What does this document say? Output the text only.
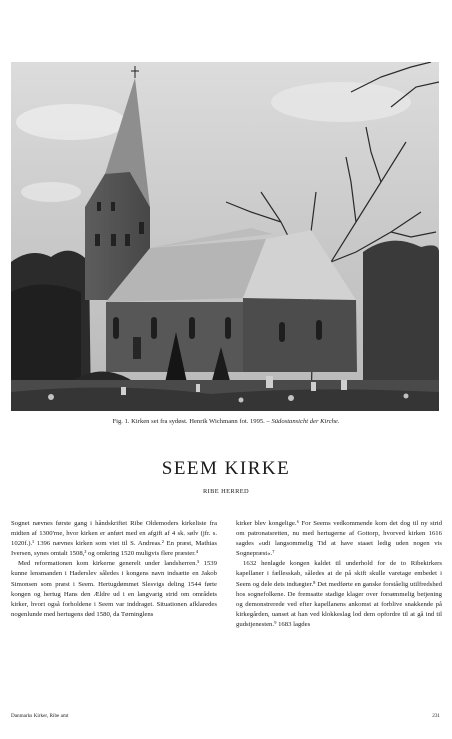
Fig. 1. Kirken set fra sydøst. Henrik Wichmann fot. 1995. – Südostansicht der Kirche.
SEEM KIRKE
RIBE HERRED

Sognet nævnes første gang i håndskriftet Ribe Oldemoders kirkeliste fra midten af 1300'rne, hvor kirken er anført med en afgift af 4 sk. sølv (jfr. s. 1020f.).¹ 1396 nævnes kirken som viet til S. Andreas.² En præst, Mathias Iversen, synes omtalt 1508,³ og omkring 1520 muligvis flere præster.⁴

Med reformationen kom kirkerne generelt under landsherren.⁵ 1539 kunne lensmanden i Haderslev således i kongens navn indsætte en Jakob Simonsen som præst i Seem. Hertugdømmet Slesvigs deling 1544 førte kongen og hertug Hans den Ældre ud i en langvarig strid om områdets kirker, hvori også forholdene i Seem var inddraget. Situationen afklaredes nogenlunde med hertugens død 1580, da Tørninglens

kirker blev kongelige.⁶ For Seems vedkommende kom det dog til ny strid om patronatsretten, nu med hertugerne af Gottorp, hvorved kirken 1616 sagdes »udi langsommelig Tid at have staaet ledig uden nogen vis Sognepræst«.⁷

1632 henlagde kongen kaldet til underhold for de to Ribekirkers kapellaner i fællesskab, således at de på skift skulle varetage embedet i Seem og dele dets indtægter.⁸ Det medførte en ganske forståelig utilfredshed hos sognefolkene. De fremsatte stadige klager over forsømmelig betjening og demonstrerede ved efter kapellanens ankomst at forblive snakkende på kirkegården, uanset at han ved klokkeslag lod dem opfordre til at gå ind til gudstjenesten.⁹ 1683 lagdes

Danmarks Kirker, Ribe amt	231
